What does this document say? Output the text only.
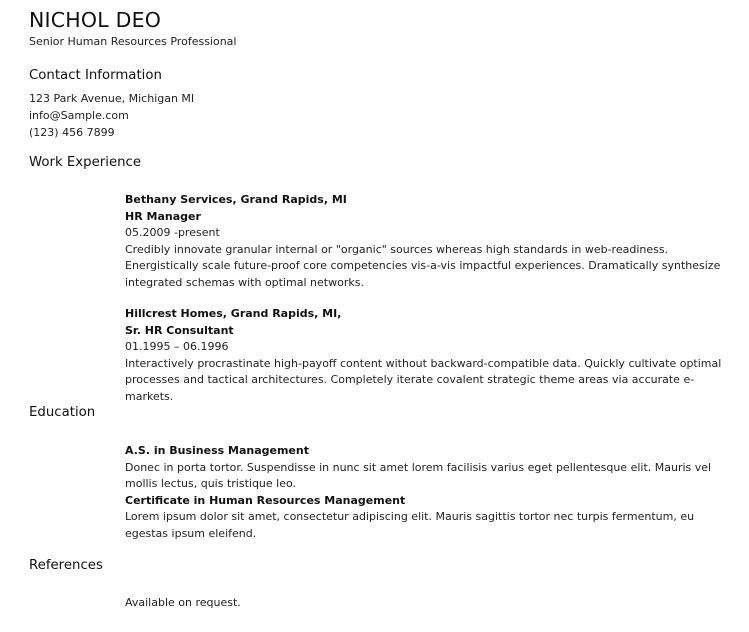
NICHOL DEO
Senior Human Resources Professional
Contact Information
123 Park Avenue, Michigan MI
info@Sample.com
(123) 456 7899
Work Experience
Bethany Services, Grand Rapids, MI
HR Manager
05.2009 -present
Credibly innovate granular internal or "organic" sources whereas high standards in web-readiness. Energistically scale future-proof core competencies vis-a-vis impactful experiences. Dramatically synthesize integrated schemas with optimal networks.
Hillcrest Homes, Grand Rapids, MI,
Sr. HR Consultant
01.1995 – 06.1996
Interactively procrastinate high-payoff content without backward-compatible data. Quickly cultivate optimal processes and tactical architectures. Completely iterate covalent strategic theme areas via accurate e-markets.
Education
A.S. in Business Management
Donec in porta tortor. Suspendisse in nunc sit amet lorem facilisis varius eget pellentesque elit. Mauris vel mollis lectus, quis tristique leo.
Certificate in Human Resources Management
Lorem ipsum dolor sit amet, consectetur adipiscing elit. Mauris sagittis tortor nec turpis fermentum, eu egestas ipsum eleifend.
References
Available on request.
